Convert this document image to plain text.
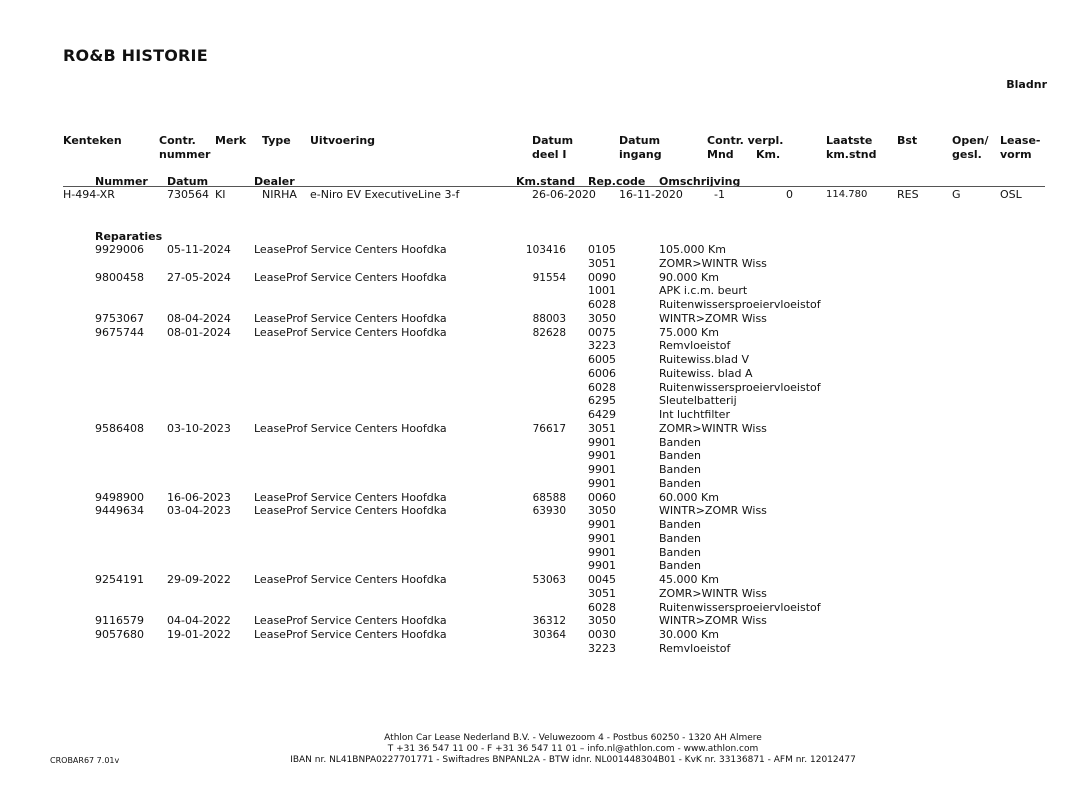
RO&B HISTORIE
Bladnr
Kenteken	Contr.
nummer
Merk Type Uitvoering	Datum
deel I
Datum
ingang
Contr. verpl.
Mnd Km.
Laatste
km.stnd
Bst	Open/
gesl.
Lease-
vorm
Nummer Datum	Dealer	Km.stand Rep.code Omschrijving
H-494-XR	730564 KI	NIRHA e-Niro EV ExecutiveLine 3-f	26-06-2020 16-11-2020	-1	0	114.780	RES	G	OSL
Reparaties
9929006 05-11-2024 LeaseProf Service Centers Hoofdka	103416 0105	105.000 Km
3051	ZOMR>WINTR Wiss
9800458 27-05-2024 LeaseProf Service Centers Hoofdka	91554 0090	90.000 Km
1001	APK i.c.m. beurt
6028	Ruitenwissersproeiervloeistof
9753067 08-04-2024 LeaseProf Service Centers Hoofdka	88003 3050	WINTR>ZOMR Wiss
9675744 08-01-2024 LeaseProf Service Centers Hoofdka	82628 0075	75.000 Km
3223	Remvloeistof
6005	Ruitewiss.blad V
6006	Ruitewiss. blad A
6028	Ruitenwissersproeiervloeistof
6295	Sleutelbatterij
6429	Int luchtfilter
9586408 03-10-2023 LeaseProf Service Centers Hoofdka	76617 3051	ZOMR>WINTR Wiss
9901	Banden
9901	Banden
9901	Banden
9901	Banden
9498900 16-06-2023 LeaseProf Service Centers Hoofdka	68588 0060	60.000 Km
9449634 03-04-2023 LeaseProf Service Centers Hoofdka	63930 3050	WINTR>ZOMR Wiss
9901	Banden
9901	Banden
9901	Banden
9901	Banden
9254191 29-09-2022 LeaseProf Service Centers Hoofdka	53063 0045	45.000 Km
3051	ZOMR>WINTR Wiss
6028	Ruitenwissersproeiervloeistof
9116579 04-04-2022 LeaseProf Service Centers Hoofdka	36312 3050	WINTR>ZOMR Wiss
9057680 19-01-2022 LeaseProf Service Centers Hoofdka	30364 0030	30.000 Km
3223	Remvloeistof
Athlon Car Lease Nederland B.V. - Veluwezoom 4 - Postbus 60250 - 1320 AH Almere
T +31 36 547 11 00 - F +31 36 547 11 01 – info.nl@athlon.com - www.athlon.com
IBAN nr. NL41BNPA0227701771 - Swiftadres BNPANL2A - BTW idnr. NL001448304B01 - KvK nr. 33136871 - AFM nr. 12012477
CROBAR67 7.01v
